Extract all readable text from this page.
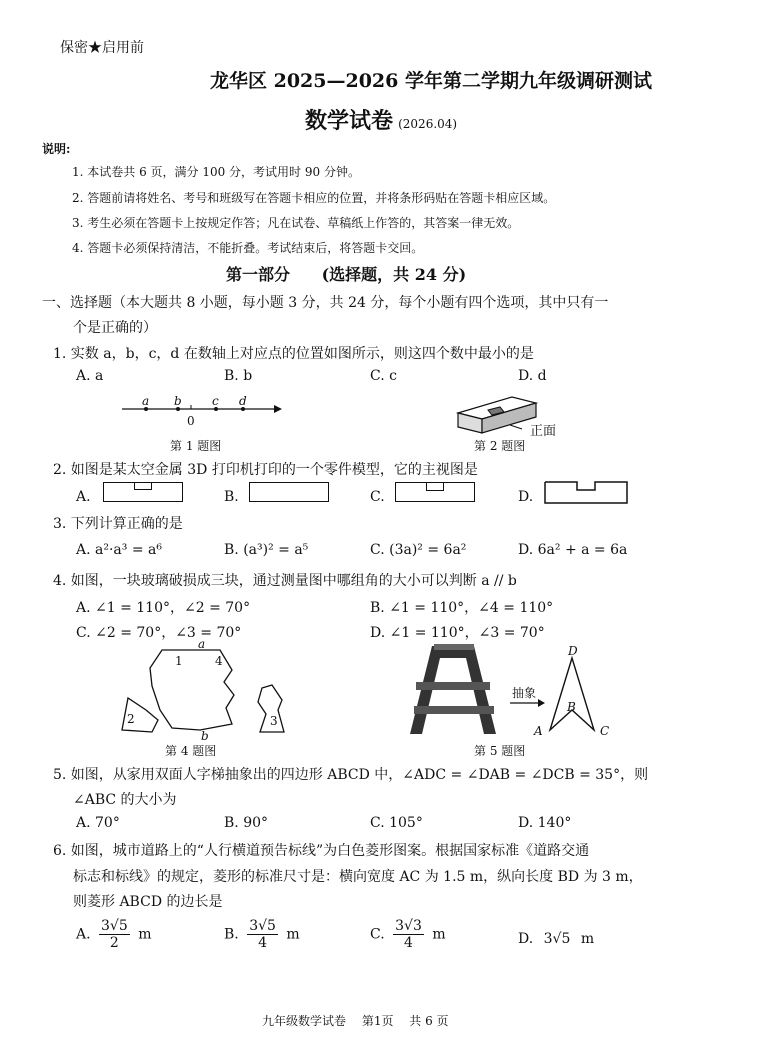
保密★启用前
龙华区 2025—2026 学年第二学期九年级调研测试
数学试卷 (2026.04)
说明:
1. 本试卷共 6 页，满分 100 分，考试用时 90 分钟。
2. 答题前请将姓名、考号和班级写在答题卡相应的位置，并将条形码贴在答题卡相应区域。
3. 考生必须在答题卡上按规定作答；凡在试卷、草稿纸上作答的，其答案一律无效。
4. 答题卡必须保持清洁，不能折叠。考试结束后，将答题卡交回。
第一部分 (选择题，共 24 分)
一、选择题（本大题共 8 小题，每小题 3 分，共 24 分，每个小题有四个选项，其中只有一
个是正确的）
1. 实数 a，b，c，d 在数轴上对应点的位置如图所示，则这四个数中最小的是
A. a	B. b	C. c	D. d
a b	c d
0
第 1 题图
正面
第 2 题图
2. 如图是某太空金属 3D 打印机打印的一个零件模型，它的主视图是
A.	B.	C.	D.
3. 下列计算正确的是
A. a²·a³ = a⁶	B. (a³)² = a⁵	C. (3a)² = 6a²	D. 6a² + a = 6a
4. 如图，一块玻璃破损成三块，通过测量图中哪组角的大小可以判断 a // b
A. ∠1 = 110°，∠2 = 70°	B. ∠1 = 110°，∠4 = 110°
C. ∠2 = 70°，∠3 = 70°	D. ∠1 = 110°，∠3 = 70°
a
b
1	4
2	3
第 4 题图
抽象
D
B
A	C
第 5 题图
5. 如图，从家用双面人字梯抽象出的四边形 ABCD 中，∠ADC = ∠DAB = ∠DCB = 35°，则
∠ABC 的大小为
A. 70°	B. 90°	C. 105°	D. 140°
6. 如图，城市道路上的“人行横道预告标线”为白色菱形图案。根据国家标准《道路交通
标志和标线》的规定，菱形的标准尺寸是：横向宽度 AC 为 1.5 m，纵向长度 BD 为 3 m，
则菱形 ABCD 的边长是
A. $\frac{3√5}{2}$ m	B. $\frac{3√5}{4}$ m	C. $\frac{3√3}{4}$ m	D. 3√5 m
九年级数学试卷　 第1页　 共 6 页
